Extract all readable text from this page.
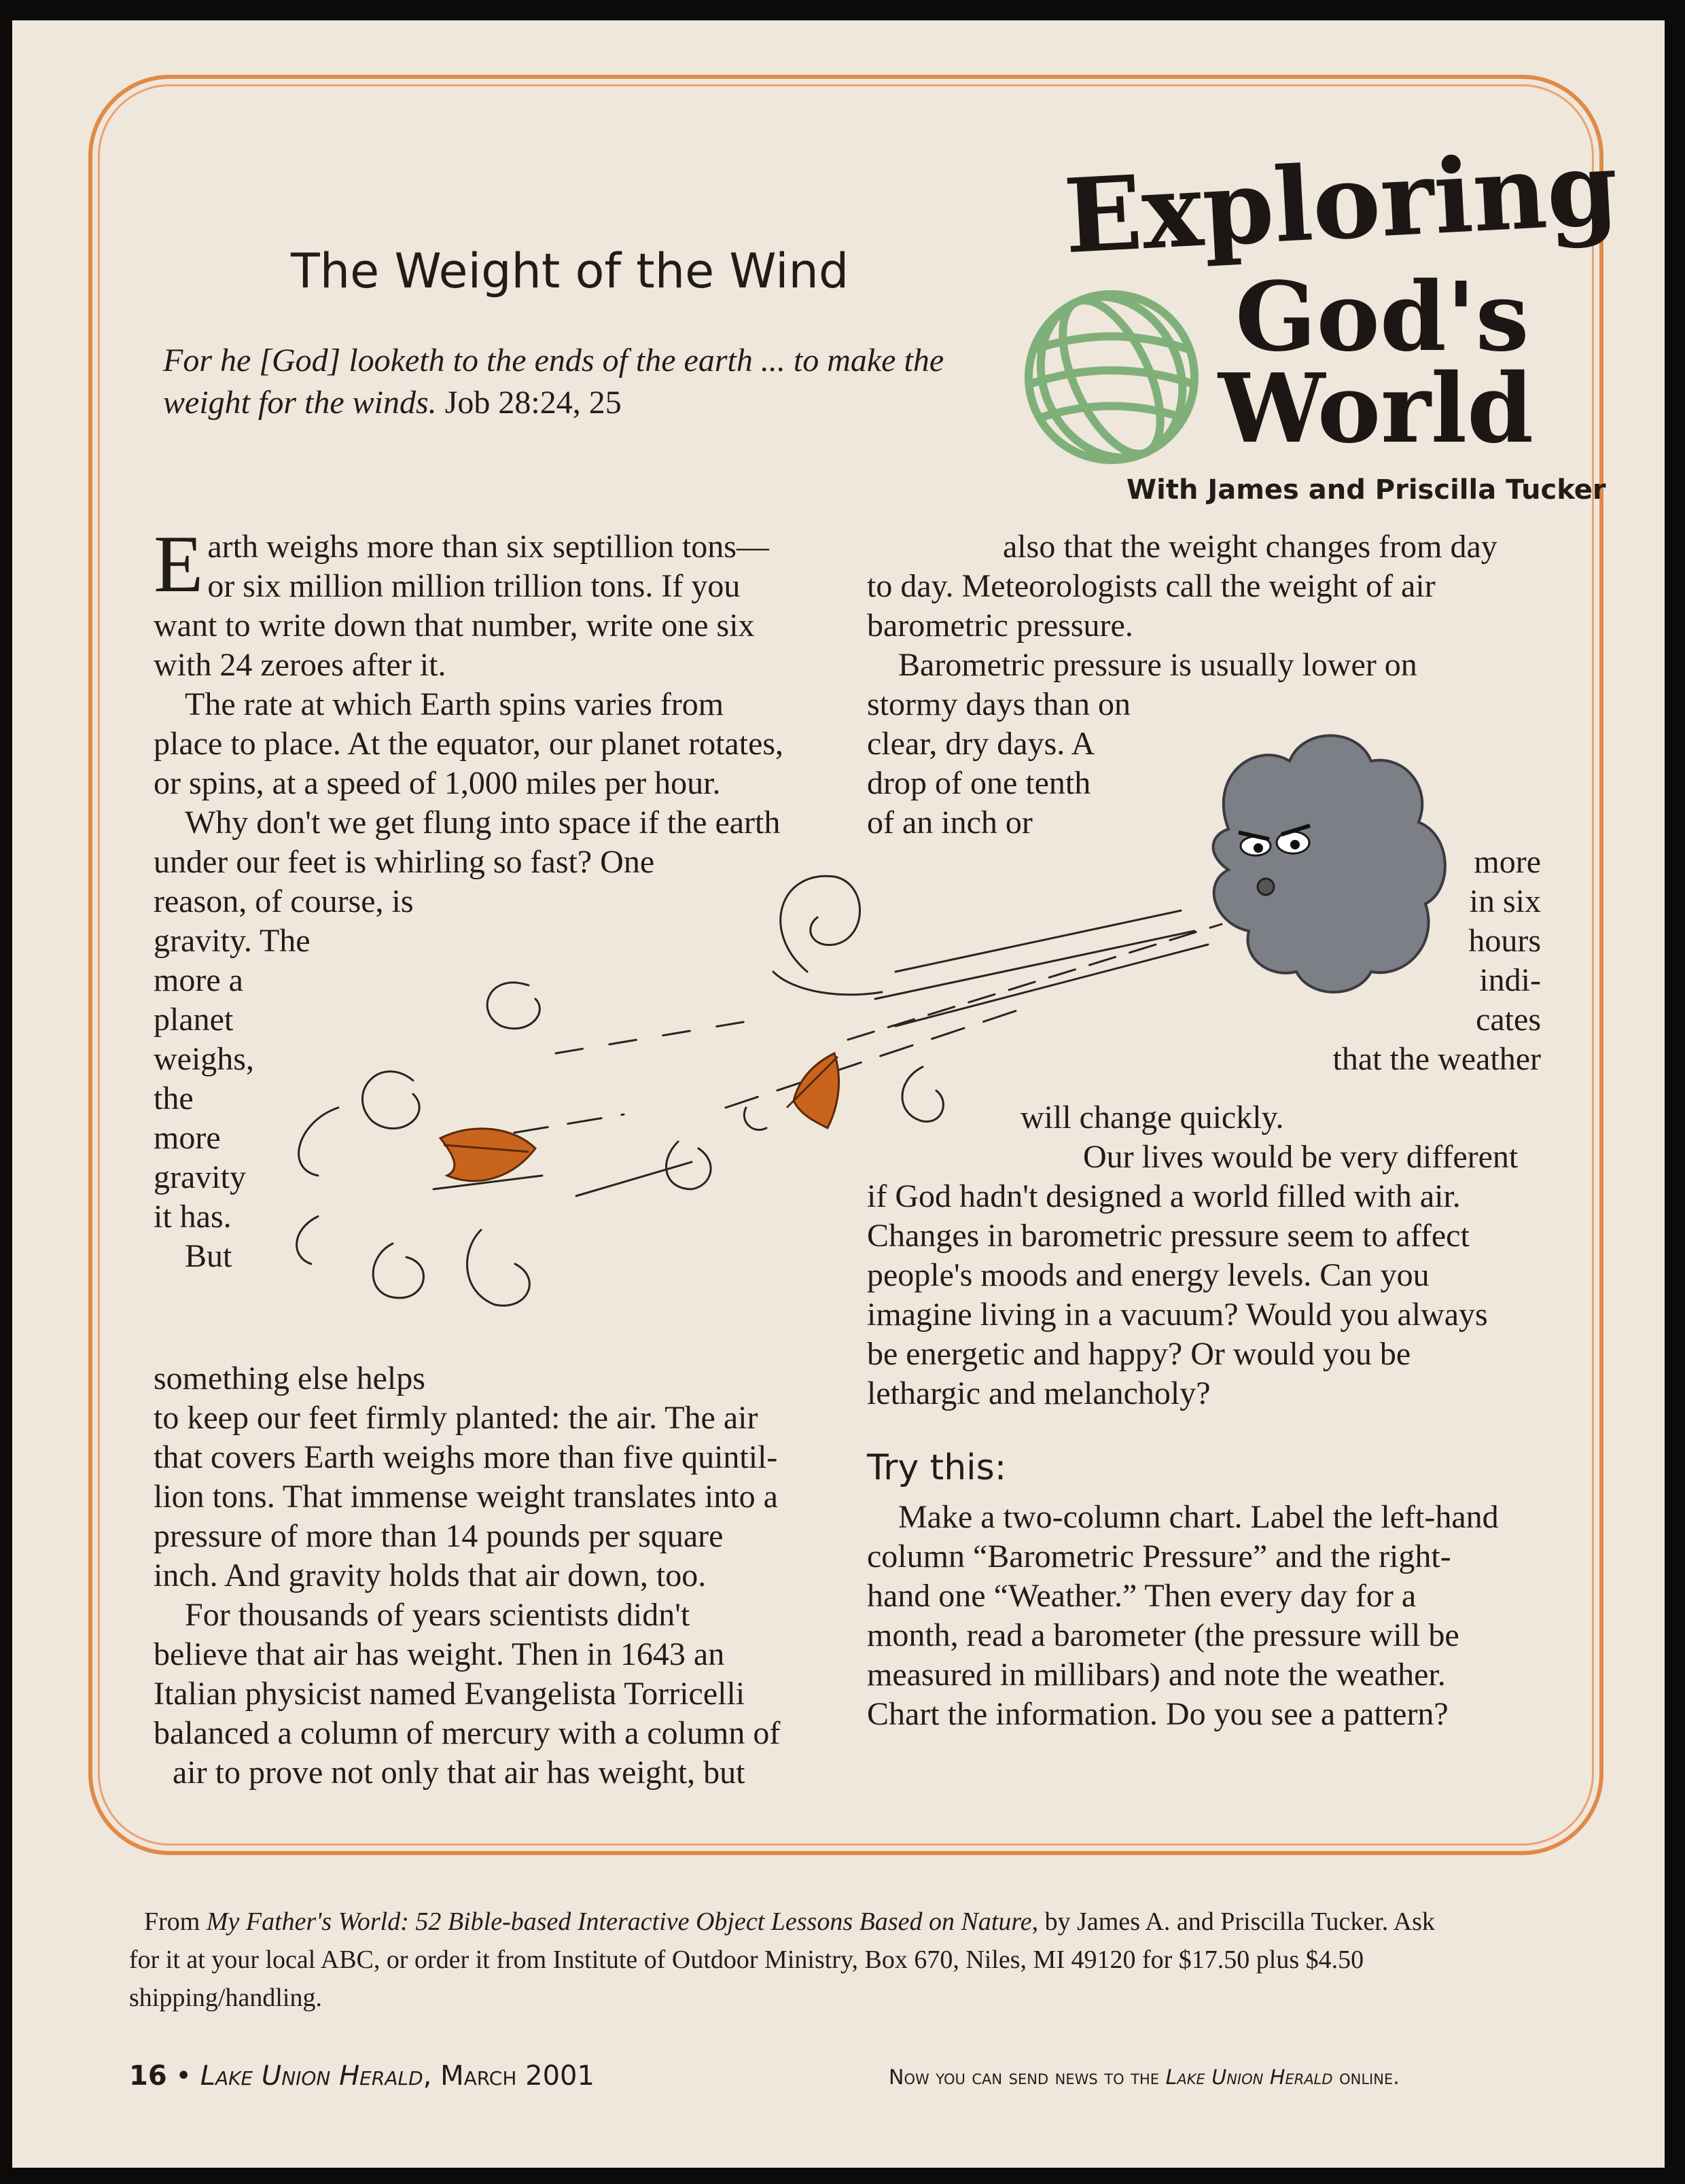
The Weight of the Wind
For he [God] looketh to the ends of the earth ... to make the weight for the winds. Job 28:24, 25
Exploring
God's
World
With James and Priscilla Tucker

Earth weighs more than six septillion tons—
or six million million trillion tons. If you
want to write down that number, write one six
with 24 zeroes after it.

The rate at which Earth spins varies from

place to place. At the equator, our planet rotates,
or spins, at a speed of 1,000 miles per hour.

Why don't we get flung into space if the earth

under our feet is whirling so fast? One
reason, of course, is
gravity. The
more a
planet
weighs,
the
more
gravity
it has.

But

something else helps
to keep our feet firmly planted: the air. The air
that covers Earth weighs more than five quintil-
lion tons. That immense weight translates into a
pressure of more than 14 pounds per square
inch. And gravity holds that air down, too.

For thousands of years scientists didn't

believe that air has weight. Then in 1643 an
Italian physicist named Evangelista Torricelli
balanced a column of mercury with a column of

air to prove not only that air has weight, but

also that the weight changes from day

to day. Meteorologists call the weight of air
barometric pressure.

Barometric pressure is usually lower on

stormy days than on
clear, dry days. A
drop of one tenth
of an inch or

more
in six
hours
indi-
cates
that the weather

will change quickly.

Our lives would be very different

if God hadn't designed a world filled with air.
Changes in barometric pressure seem to affect
people's moods and energy levels. Can you
imagine living in a vacuum? Would you always
be energetic and happy? Or would you be
lethargic and melancholy?

Try this:

Make a two-column chart. Label the left-hand

column “Barometric Pressure” and the right-
hand one “Weather.” Then every day for a
month, read a barometer (the pressure will be
measured in millibars) and note the weather.
Chart the information. Do you see a pattern?

From My Father's World: 52 Bible-based Interactive Object Lessons Based on Nature, by James A. and Priscilla Tucker. Ask
for it at your local ABC, or order it from Institute of Outdoor Ministry, Box 670, Niles, MI 49120 for $17.50 plus $4.50
shipping/handling.
16 • Lake Union Herald, March 2001	Now you can send news to the Lake Union Herald online.
